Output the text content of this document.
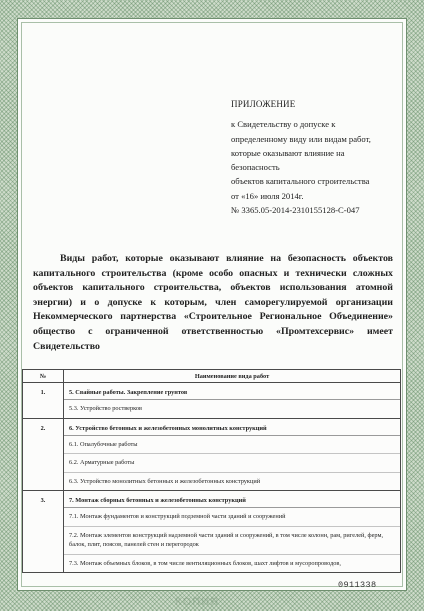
ПРИЛОЖЕНИЕ
к Свидетельству о допуске к
определенному виду или видам работ,
которые оказывают влияние на
безопасность
объектов капитального строительства
от «16» июля 2014г.
№ 3365.05-2014-2310155128-С-047
Виды работ, которые оказывают влияние на безопасность объектов капитального строительства (кроме особо опасных и технически сложных объектов капитального строительства, объектов использования атомной энергии) и о допуске к которым, член саморегулируемой организации Некоммерческого партнерства «Строительное Региональное Объединение» общество с ограниченной ответственностью «Промтехсервис» имеет Свидетельство
№	Наименование вида работ
1.	5. Свайные работы. Закрепление грунтов
5.3. Устройство ростверков

2.	6. Устройство бетонных и железобетонных монолитных конструкций
6.1. Опалубочные работы
6.2. Арматурные работы
6.3. Устройство монолитных бетонных и железобетонных конструкций

3.	7. Монтаж сборных бетонных и железобетонных конструкций
7.1. Монтаж фундаментов и конструкций подземной части зданий и сооружений
7.2. Монтаж элементов конструкций надземной части зданий и сооружений, в том числе колонн, рам, ригелей, ферм, балок, плит, поясов, панелей стен и перегородок
7.3. Монтаж объемных блоков, в том числе вентиляционных блоков, шахт лифтов и мусоропроводов,
0911338
КОПИЯ
